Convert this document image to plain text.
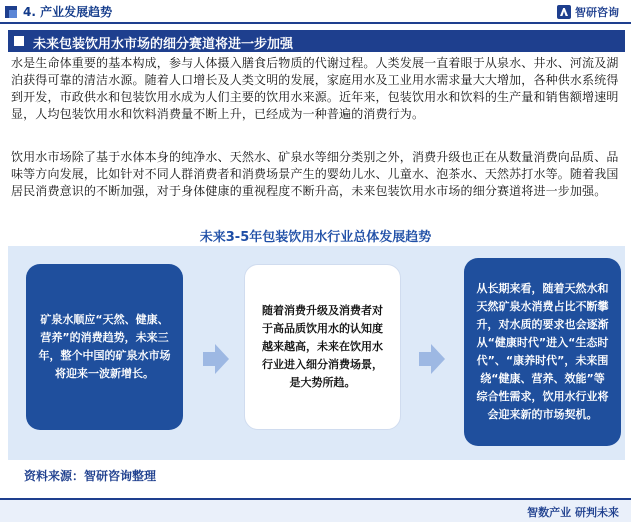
4. 产业发展趋势	智研咨询
未来包装饮用水市场的细分赛道将进一步加强

水是生命体重要的基本构成，参与人体摄入膳食后物质的代谢过程。人类发展一直着眼于从泉水、井水、河流及湖泊获得可靠的清洁水源。随着人口增长及人类文明的发展，家庭用水及工业用水需求量大大增加，各种供水系统得到开发，市政供水和包装饮用水成为人们主要的饮用水来源。近年来，包装饮用水和饮料的生产量和销售额增速明显，人均包装饮用水和饮料消费量不断上升，已经成为一种普遍的消费行为。

饮用水市场除了基于水体本身的纯净水、天然水、矿泉水等细分类别之外，消费升级也正在从数量消费向品质、品味等方向发展，比如针对不同人群消费者和消费场景产生的婴幼儿水、儿童水、泡茶水、天然苏打水等。随着我国居民消费意识的不断加强，对于身体健康的重视程度不断升高，未来包装饮用水市场的细分赛道将进一步加强。

未来3-5年包装饮用水行业总体发展趋势
矿泉水顺应“天然、健康、营养”的消费趋势，未来三年，整个中国的矿泉水市场将迎来一波新增长。
随着消费升级及消费者对于高品质饮用水的认知度越来越高，未来在饮用水行业进入细分消费场景，是大势所趋。
从长期来看，随着天然水和天然矿泉水消费占比不断攀升，对水质的要求也会逐渐从“健康时代”进入“生态时代”、“康养时代”，未来围绕“健康、营养、效能”等综合性需求，饮用水行业将会迎来新的市场契机。
资料来源：智研咨询整理
智数产业 研判未来
